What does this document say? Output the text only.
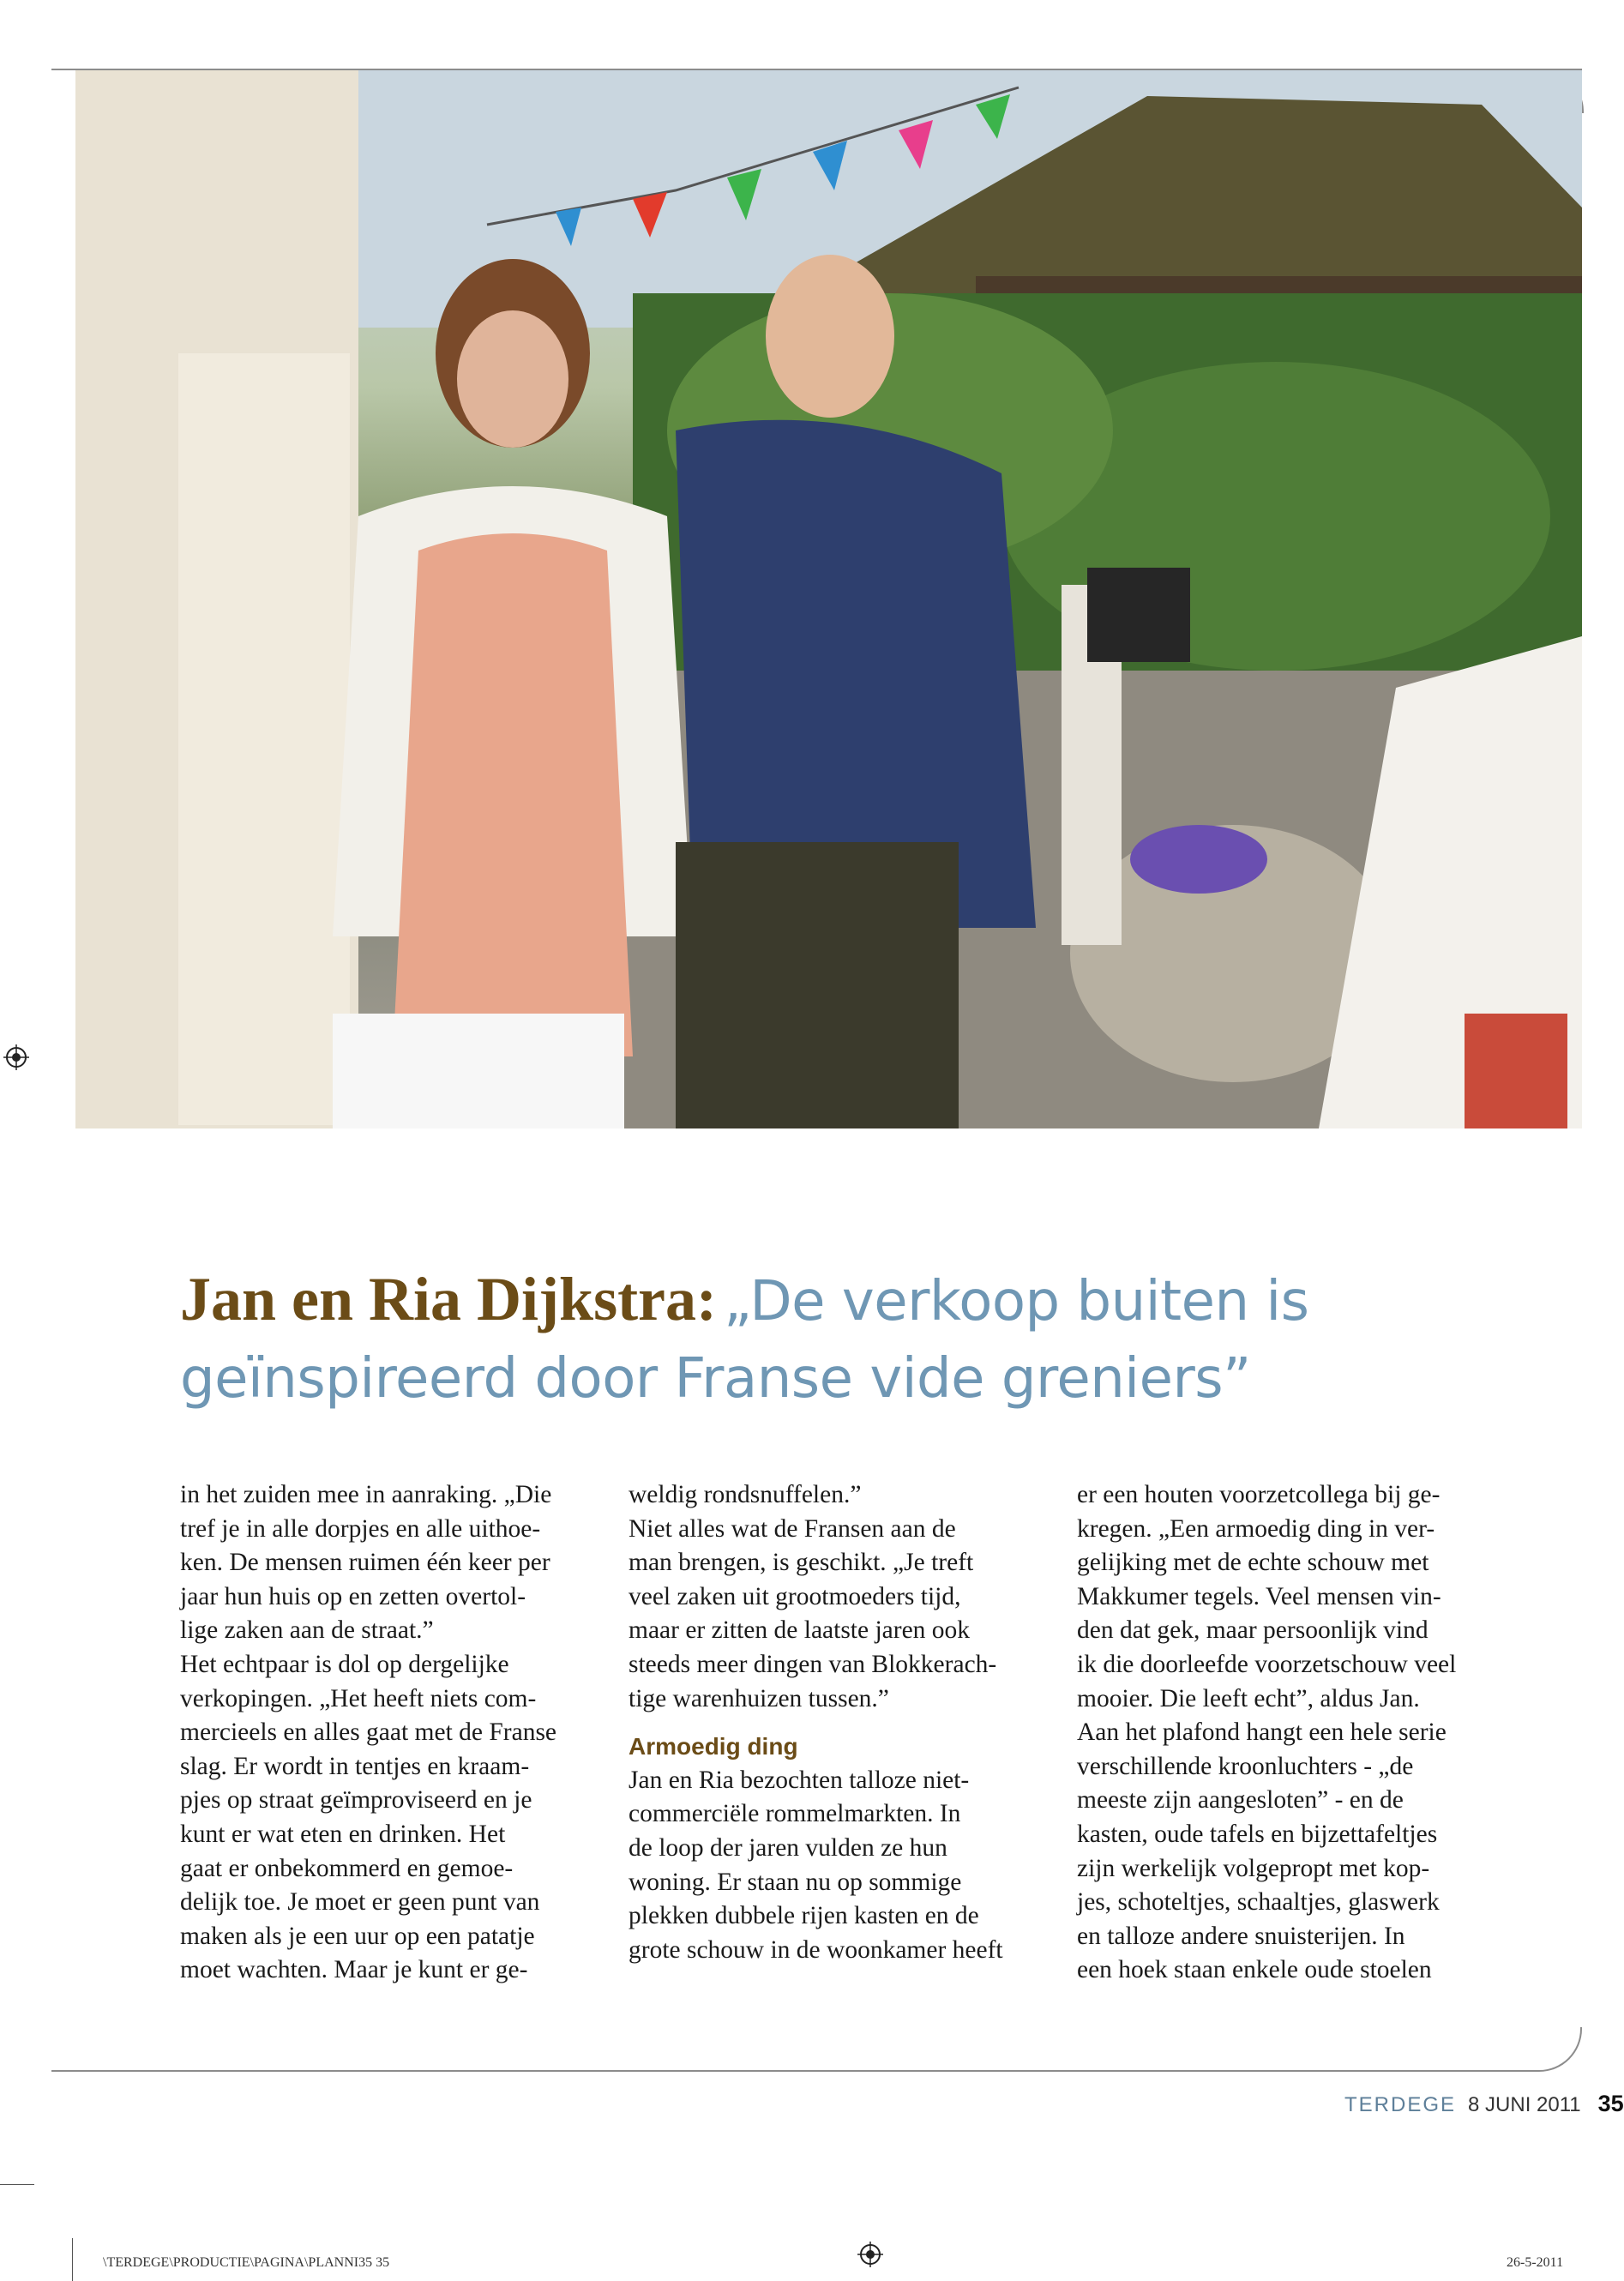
Jan en Ria Dijkstra: „De verkoop buiten is
geïnspireerd door Franse vide greniers”

in het zuiden mee in aanraking. „Die

tref je in alle dorpjes en alle uithoe-

ken. De mensen ruimen één keer per

jaar hun huis op en zetten overtol-

lige zaken aan de straat.”

Het echtpaar is dol op dergelijke

verkopingen. „Het heeft niets com-

mercieels en alles gaat met de Franse

slag. Er wordt in tentjes en kraam-

pjes op straat geïmproviseerd en je

kunt er wat eten en drinken. Het

gaat er onbekommerd en gemoe-

delijk toe. Je moet er geen punt van

maken als je een uur op een patatje

moet wachten. Maar je kunt er ge-

weldig rondsnuffelen.”

Niet alles wat de Fransen aan de

man brengen, is geschikt. „Je treft

veel zaken uit grootmoeders tijd,

maar er zitten de laatste jaren ook

steeds meer dingen van Blokkerach-

tige warenhuizen tussen.”

Armoedig ding

Jan en Ria bezochten talloze niet-

commerciële rommelmarkten. In

de loop der jaren vulden ze hun

woning. Er staan nu op sommige

plekken dubbele rijen kasten en de

grote schouw in de woonkamer heeft

er een houten voorzetcollega bij ge-

kregen. „Een armoedig ding in ver-

gelijking met de echte schouw met

Makkumer tegels. Veel mensen vin-

den dat gek, maar persoonlijk vind

ik die doorleefde voorzetschouw veel

mooier. Die leeft echt”, aldus Jan.

Aan het plafond hangt een hele serie

verschillende kroonluchters - „de

meeste zijn aangesloten” - en de

kasten, oude tafels en bijzettafeltjes

zijn werkelijk volgepropt met kop-

jes, schoteltjes, schaaltjes, glaswerk

en talloze andere snuisterijen. In

een hoek staan enkele oude stoelen

TERDEGE 8 JUNI 2011 35
\TERDEGE\PRODUCTIE\PAGINA\PLANNI35 35	26-5-2011
